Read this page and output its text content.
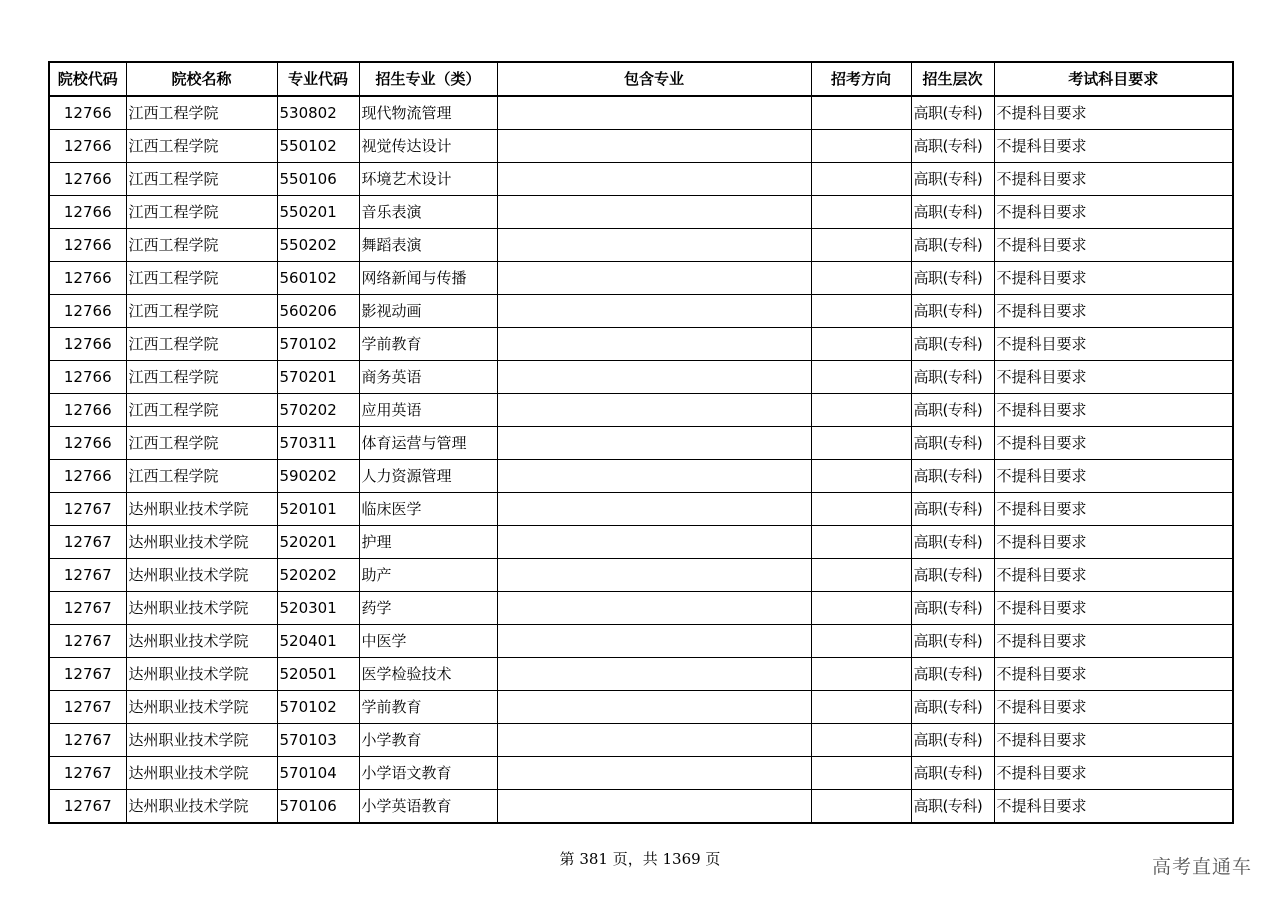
院校代码	院校名称	专业代码	招生专业（类）	包含专业	招考方向	招生层次	考试科目要求
12766	江西工程学院	530802	现代物流管理			高职(专科)	不提科目要求
12766	江西工程学院	550102	视觉传达设计			高职(专科)	不提科目要求
12766	江西工程学院	550106	环境艺术设计			高职(专科)	不提科目要求
12766	江西工程学院	550201	音乐表演			高职(专科)	不提科目要求
12766	江西工程学院	550202	舞蹈表演			高职(专科)	不提科目要求
12766	江西工程学院	560102	网络新闻与传播			高职(专科)	不提科目要求
12766	江西工程学院	560206	影视动画			高职(专科)	不提科目要求
12766	江西工程学院	570102	学前教育			高职(专科)	不提科目要求
12766	江西工程学院	570201	商务英语			高职(专科)	不提科目要求
12766	江西工程学院	570202	应用英语			高职(专科)	不提科目要求
12766	江西工程学院	570311	体育运营与管理			高职(专科)	不提科目要求
12766	江西工程学院	590202	人力资源管理			高职(专科)	不提科目要求
12767	达州职业技术学院	520101	临床医学			高职(专科)	不提科目要求
12767	达州职业技术学院	520201	护理			高职(专科)	不提科目要求
12767	达州职业技术学院	520202	助产			高职(专科)	不提科目要求
12767	达州职业技术学院	520301	药学			高职(专科)	不提科目要求
12767	达州职业技术学院	520401	中医学			高职(专科)	不提科目要求
12767	达州职业技术学院	520501	医学检验技术			高职(专科)	不提科目要求
12767	达州职业技术学院	570102	学前教育			高职(专科)	不提科目要求
12767	达州职业技术学院	570103	小学教育			高职(专科)	不提科目要求
12767	达州职业技术学院	570104	小学语文教育			高职(专科)	不提科目要求
12767	达州职业技术学院	570106	小学英语教育			高职(专科)	不提科目要求
第 381 页，共 1369 页	高考直通车
